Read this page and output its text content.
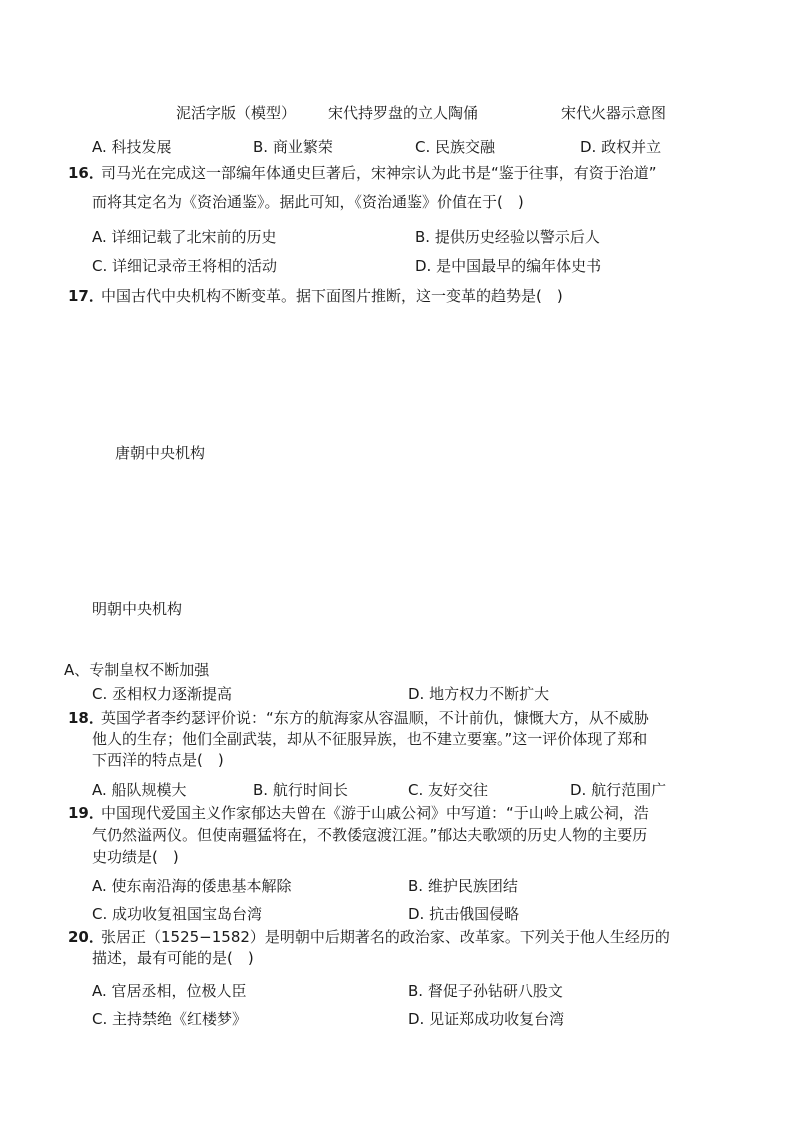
泥活字版（模型） 宋代持罗盘的立人陶俑	宋代火器示意图
A. 科技发展	B. 商业繁荣	C. 民族交融	D. 政权并立
16．
司马光在完成这一部编年体通史巨著后，宋神宗认为此书是“鉴于往事，有资于治道”
而将其定名为《资治通鉴》。据此可知，《资治通鉴》价值在于(　)
A. 详细记载了北宋前的历史	B. 提供历史经验以警示后人
C. 详细记录帝王将相的活动	D. 是中国最早的编年体史书
17．
中国古代中央机构不断变革。据下面图片推断，这一变革的趋势是(　)
唐朝中央机构
明朝中央机构
A、专制皇权不断加强
C. 丞相权力逐渐提高	D. 地方权力不断扩大
18．
英国学者李约瑟评价说：“东方的航海家从容温顺，不计前仇，慷慨大方，从不威胁
他人的生存；他们全副武装，却从不征服异族，也不建立要塞。”这一评价体现了郑和
下西洋的特点是(　)
A. 船队规模大	B. 航行时间长	C. 友好交往	D. 航行范围广
19．
中国现代爱国主义作家郁达夫曾在《游于山戚公祠》中写道：“于山岭上戚公祠，浩
气仍然溢两仪。但使南疆猛将在，不教倭寇渡江涯。”郁达夫歌颂的历史人物的主要历
史功绩是(　)
A. 使东南沿海的倭患基本解除	B. 维护民族团结
C. 成功收复祖国宝岛台湾	D. 抗击俄国侵略
20．
张居正（1525−1582）是明朝中后期著名的政治家、改革家。下列关于他人生经历的
描述，最有可能的是(　)
A. 官居丞相，位极人臣	B. 督促子孙钻研八股文
C. 主持禁绝《红楼梦》	D. 见证郑成功收复台湾
